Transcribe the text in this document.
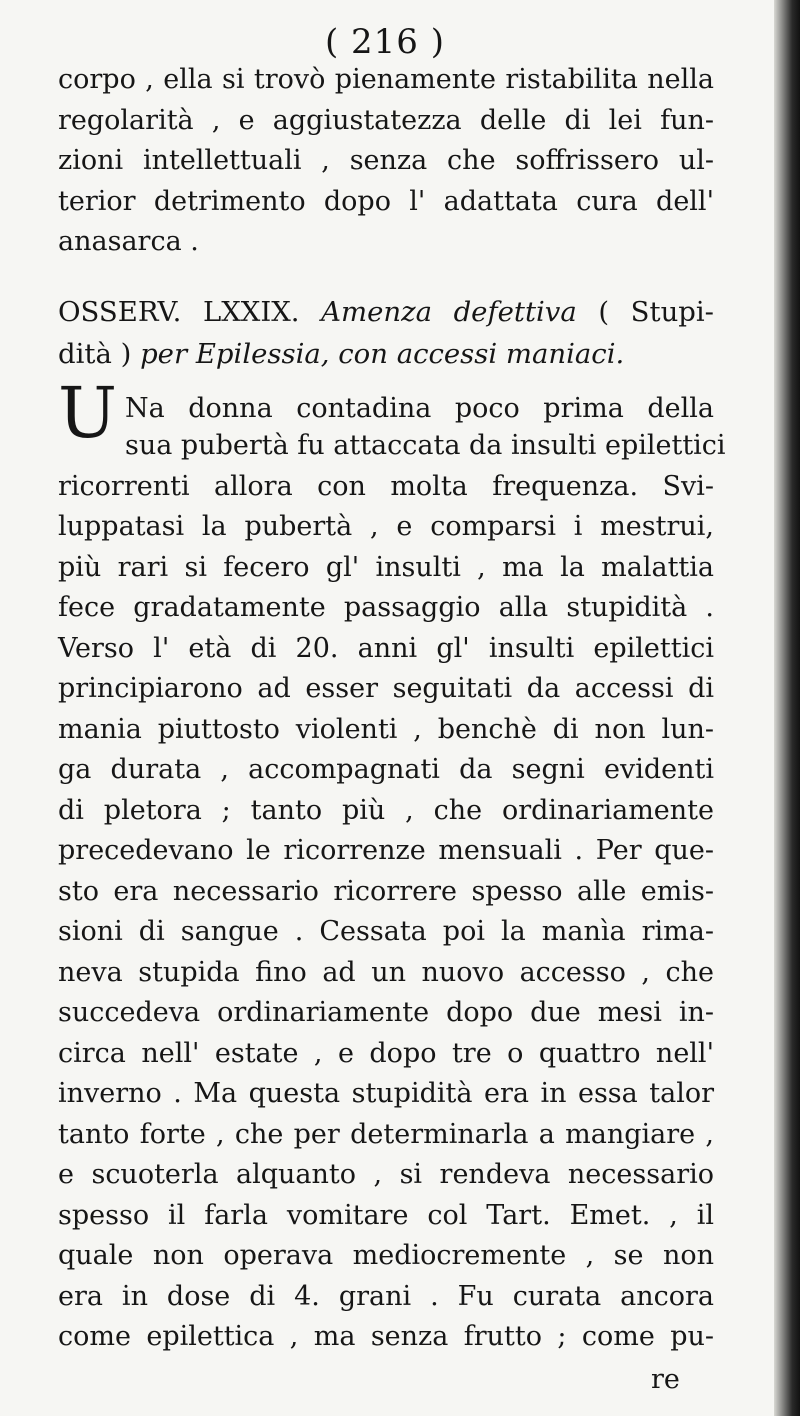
( 216 )

corpo , ella si trovò pienamente ristabilita nella
regolarità , e aggiustatezza delle di lei fun-
zioni intellettuali , senza che soffrissero ul-
terior detrimento dopo l' adattata cura dell'
anasarca .
OSSERV. LXXIX. Amenza defettiva ( Stupi-
dità ) per Epilessia, con accessi maniaci.
U Na donna contadina poco prima della
sua pubertà fu attaccata da insulti epilettici
ricorrenti allora con molta frequenza. Svi-
luppatasi la pubertà , e comparsi i mestrui,
più rari si fecero gl' insulti , ma la malattia
fece gradatamente passaggio alla stupidità .
Verso l' età di 20. anni gl' insulti epilettici
principiarono ad esser seguitati da accessi di
mania piuttosto violenti , benchè di non lun-
ga durata , accompagnati da segni evidenti
di pletora ; tanto più , che ordinariamente
precedevano le ricorrenze mensuali . Per que-
sto era necessario ricorrere spesso alle emis-
sioni di sangue . Cessata poi la manìa rima-
neva stupida fino ad un nuovo accesso , che
succedeva ordinariamente dopo due mesi in-
circa nell' estate , e dopo tre o quattro nell'
inverno . Ma questa stupidità era in essa talor
tanto forte , che per determinarla a mangiare ,
e scuoterla alquanto , si rendeva necessario
spesso il farla vomitare col Tart. Emet. , il
quale non operava mediocremente , se non
era in dose di 4. grani . Fu curata ancora
come epilettica , ma senza frutto ; come pu-

re
